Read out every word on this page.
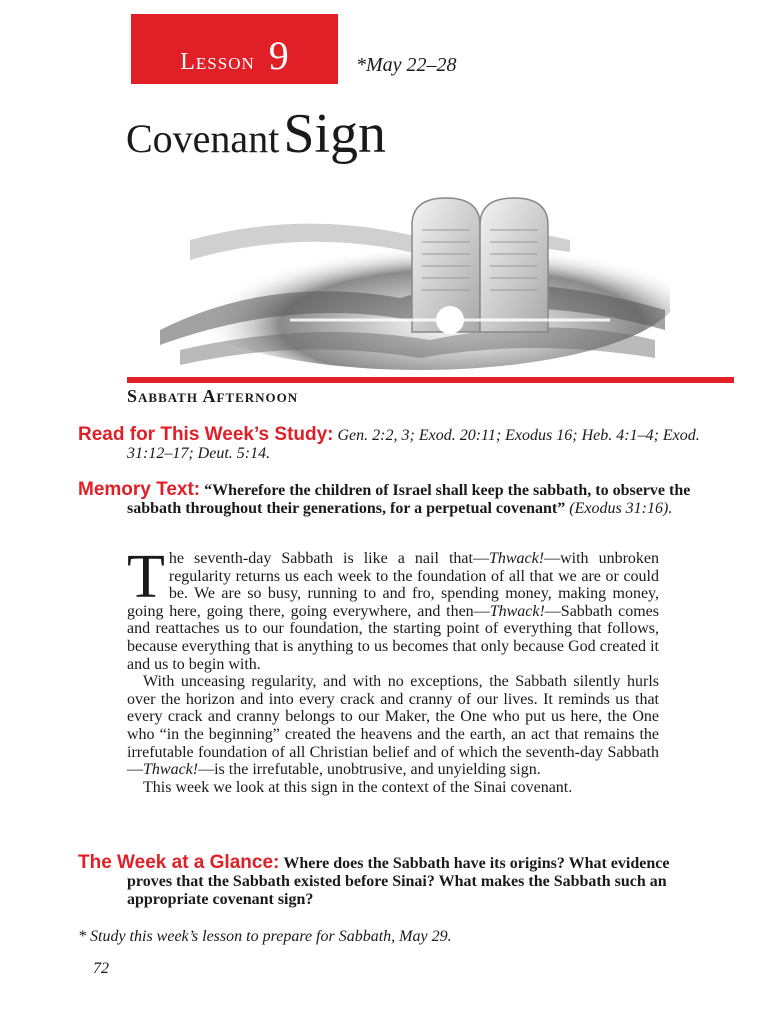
Lesson 9	*May 22–28
Covenant Sign
Sabbath Afternoon
Read for This Week’s Study: Gen. 2:2, 3; Exod. 20:11; Exodus 16; Heb. 4:1–4; Exod. 31:12–17; Deut. 5:14.
Memory Text: “Wherefore the children of Israel shall keep the sabbath, to observe the sabbath throughout their generations, for a perpetual covenant” (Exodus 31:16).

The seventh-day Sabbath is like a nail that—Thwack!—with unbroken regularity returns us each week to the foundation of all that we are or could be. We are so busy, running to and fro, spending money, making money, going here, going there, going everywhere, and then—Thwack!—Sabbath comes and reattaches us to our foundation, the starting point of everything that follows, because everything that is anything to us becomes that only because God created it and us to begin with.

With unceasing regularity, and with no exceptions, the Sabbath silently hurls over the horizon and into every crack and cranny of our lives. It reminds us that every crack and cranny belongs to our Maker, the One who put us here, the One who “in the beginning” created the heavens and the earth, an act that remains the irrefutable foundation of all Christian belief and of which the seventh-day Sabbath—Thwack!—is the irrefutable, unobtrusive, and unyielding sign.

This week we look at this sign in the context of the Sinai covenant.

The Week at a Glance: Where does the Sabbath have its origins? What evidence proves that the Sabbath existed before Sinai? What makes the Sabbath such an appropriate covenant sign?
* Study this week’s lesson to prepare for Sabbath, May 29.
72
